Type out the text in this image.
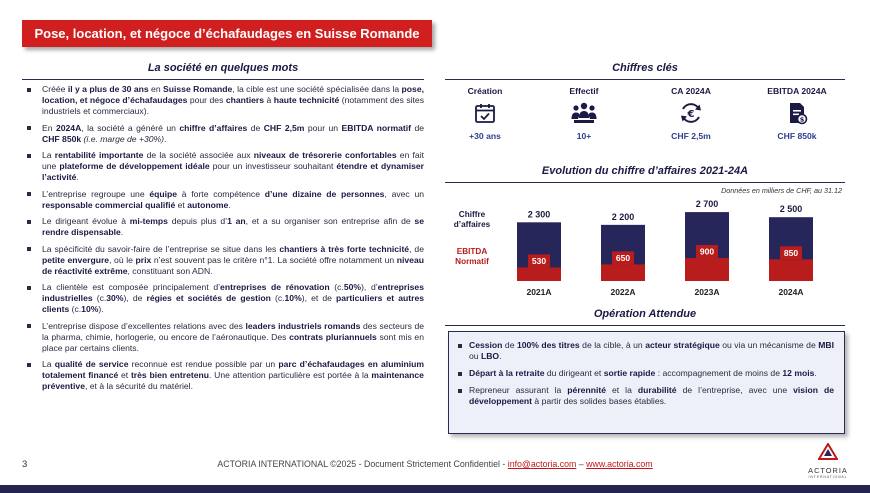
Pose, location, et négoce d’échafaudages en Suisse Romande
La société en quelques mots
Créée il y a plus de 30 ans en Suisse Romande, la cible est une société spécialisée dans la pose, location, et négoce d’échafaudages pour des chantiers à haute technicité (notamment des sites industriels et commerciaux).
En 2024A, la société a généré un chiffre d’affaires de CHF 2,5m pour un EBITDA normatif de CHF 850k (i.e. marge de +30%).
La rentabilité importante de la société associée aux niveaux de trésorerie confortables en fait une plateforme de développement idéale pour un investisseur souhaitant étendre et dynamiser l’activité.
L’entreprise regroupe une équipe à forte compétence d’une dizaine de personnes, avec un responsable commercial qualifié et autonome.
Le dirigeant évolue à mi-temps depuis plus d’1 an, et a su organiser son entreprise afin de se rendre dispensable.
La spécificité du savoir-faire de l’entreprise se situe dans les chantiers à très forte technicité, de petite envergure, où le prix n’est souvent pas le critère n°1. La société offre notamment un niveau de réactivité extrême, constituant son ADN.
La clientèle est composée principalement d’entreprises de rénovation (c.50%), d’entreprises industrielles (c.30%), de régies et sociétés de gestion (c.10%), et de particuliers et autres clients (c.10%).
L’entreprise dispose d’excellentes relations avec des leaders industriels romands des secteurs de la pharma, chimie, horlogerie, ou encore de l’aéronautique. Des contrats pluriannuels sont mis en place par certains clients.
La qualité de service reconnue est rendue possible par un parc d’échafaudages en aluminium totalement financé et très bien entretenu. Une attention particulière est portée à la maintenance préventive, et à la sécurité du matériel.
Chiffres clés
Création
+30 ans
Effectif
10+
CA 2024A
€
CHF 2,5m
EBITDA 2024A
$
CHF 850k
Evolution du chiffre d’affaires 2021-24A
Données en milliers de CHF, au 31.12
Chiffre
d’affaires
EBITDA
Normatif
2 300
530
2021A
2 200
650
2022A
2 700
900
2023A
2 500
850
2024A
Opération Attendue
Cession de 100% des titres de la cible, à un acteur stratégique ou via un mécanisme de MBI ou LBO.
Départ à la retraite du dirigeant et sortie rapide : accompagnement de moins de 12 mois.
Repreneur assurant la pérennité et la durabilité de l’entreprise, avec une vision de développement à partir des solides bases établies.
3	ACTORIA INTERNATIONAL ©2025 - Document Strictement Confidentiel - info@actoria.com – www.actoria.com
ACTORIA
INTERNATIONAL
